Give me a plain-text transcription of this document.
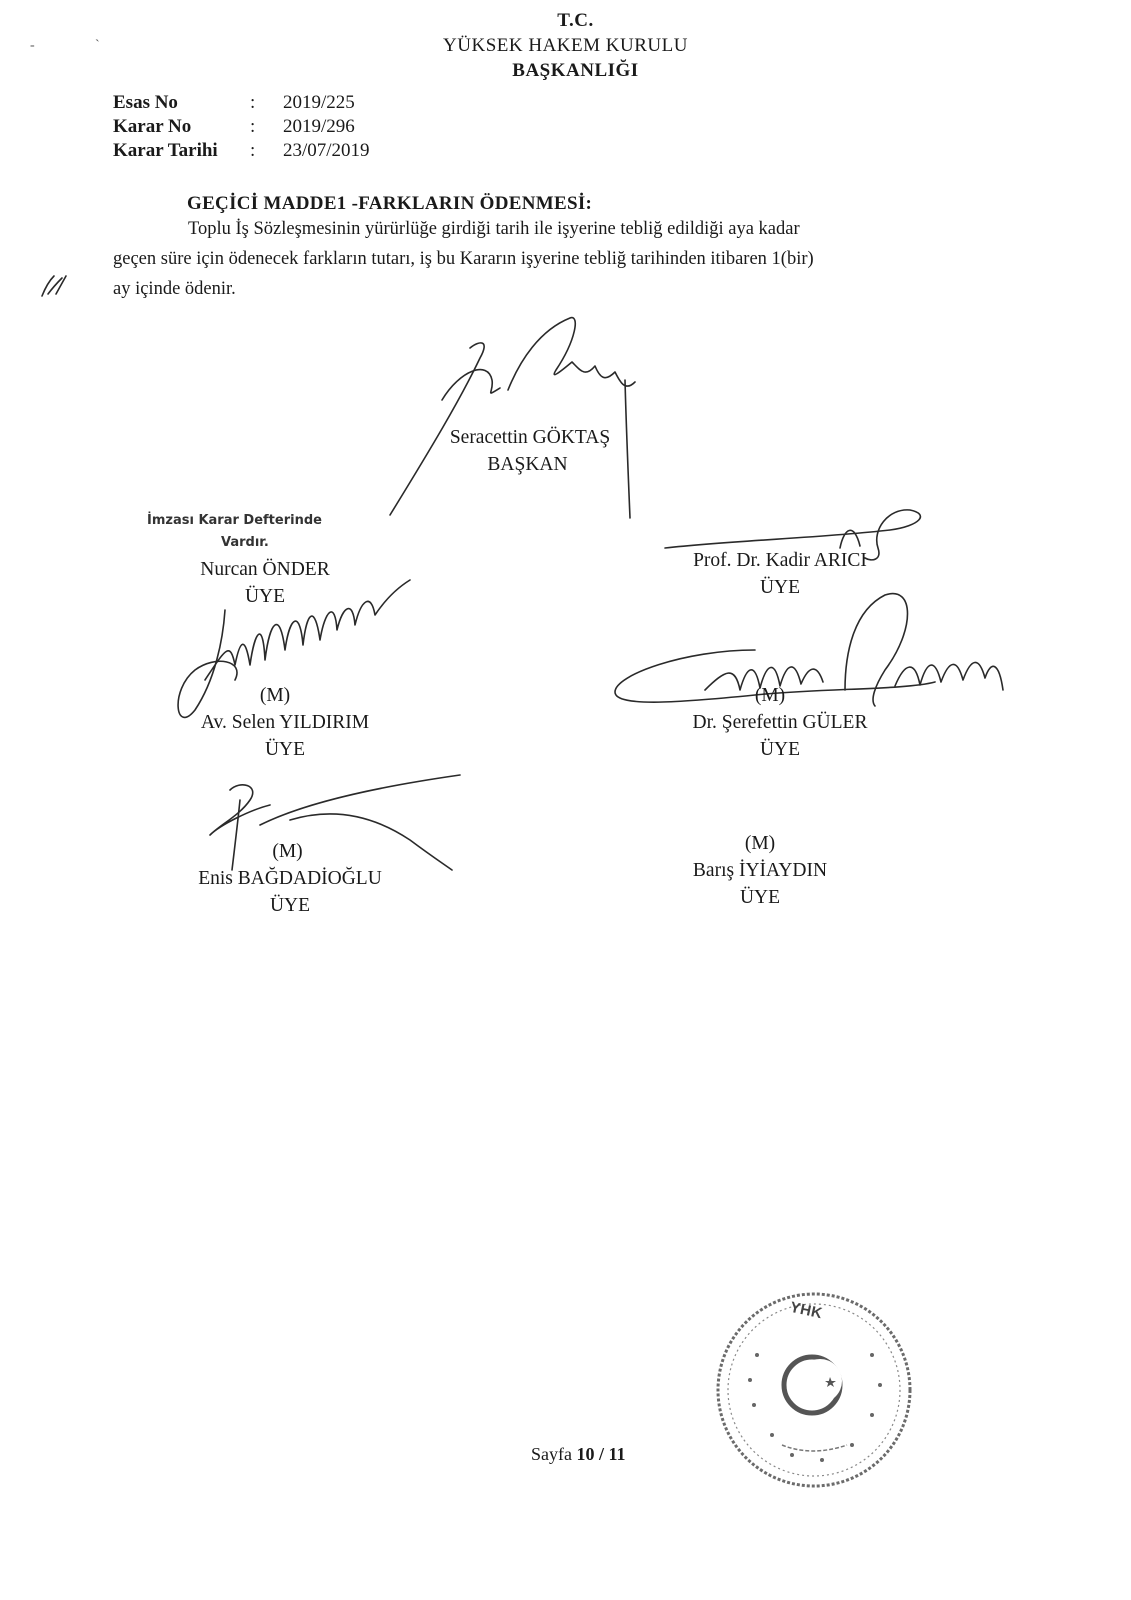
T.C.
YÜKSEK HAKEM KURULU
BAŞKANLIĞI
Esas No	: 2019/225
Karar No	: 2019/296
Karar Tarihi : 23/07/2019
GEÇİCİ MADDE1 -FARKLARIN ÖDENMESİ:
Toplu İş Sözleşmesinin yürürlüğe girdiği tarih ile işyerine tebliğ edildiği aya kadar
geçen süre için ödenecek farkların tutarı, iş bu Kararın işyerine tebliğ tarihinden itibaren 1(bir)
ay içinde ödenir.
Seracettin GÖKTAŞ
BAŞKAN
İmzası Karar Defterinde
Vardır.
Nurcan ÖNDER
ÜYE
(M)
Av. Selen YILDIRIM
ÜYE
Prof. Dr. Kadir ARICI
ÜYE
(M)
Dr. Şerefettin GÜLER
ÜYE
(M)
Enis BAĞDADİOĞLU
ÜYE
(M)
Barış İYİAYDIN
ÜYE
YHK
Sayfa 10 / 11
-	`
